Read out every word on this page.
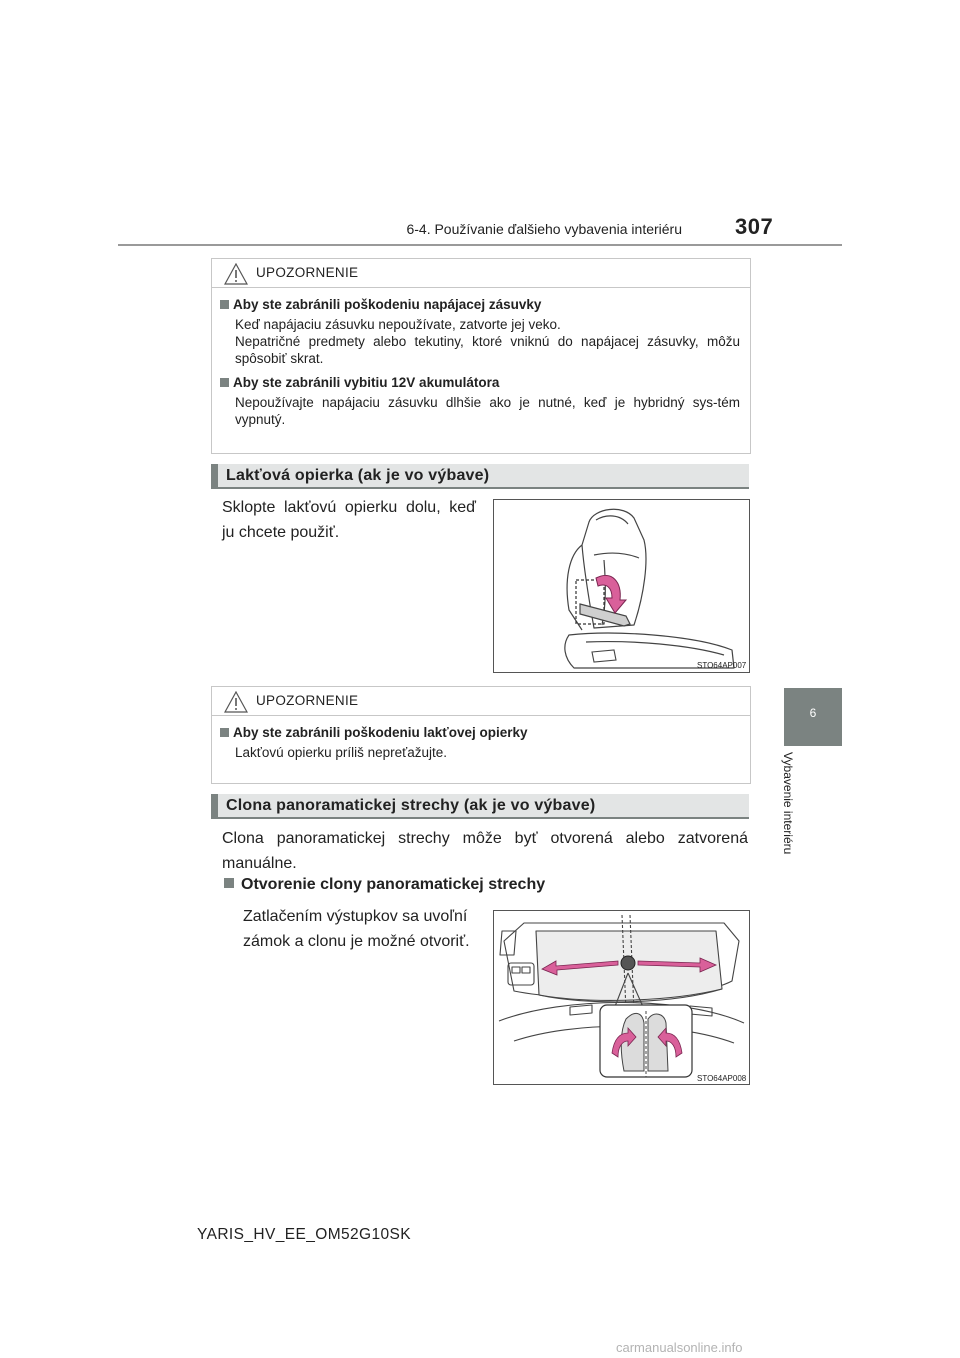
6-4. Používanie ďalšieho vybavenia interiéru 307
6
Vybavenie interiéru
UPOZORNENIE
Aby ste zabránili poškodeniu napájacej zásuvky
Keď napájaciu zásuvku nepoužívate, zatvorte jej veko.
Nepatričné predmety alebo tekutiny, ktoré vniknú do napájacej zásuvky, môžu spôsobiť skrat.
Aby ste zabránili vybitiu 12V akumulátora
Nepoužívajte napájaciu zásuvku dlhšie ako je nutné, keď je hybridný sys-tém vypnutý.
Lakťová opierka (ak je vo výbave)
Sklopte lakťovú opierku dolu, keď ju chcete použiť.
STO64AP007
UPOZORNENIE
Aby ste zabránili poškodeniu lakťovej opierky
Lakťovú opierku príliš nepreťažujte.
Clona panoramatickej strechy (ak je vo výbave)
Clona panoramatickej strechy môže byť otvorená alebo zatvorená manuálne.
Otvorenie clony panoramatickej strechy
Zatlačením výstupkov sa uvoľní zámok a clonu je možné otvoriť.
STO64AP008
YARIS_HV_EE_OM52G10SK
carmanualsonline.info
